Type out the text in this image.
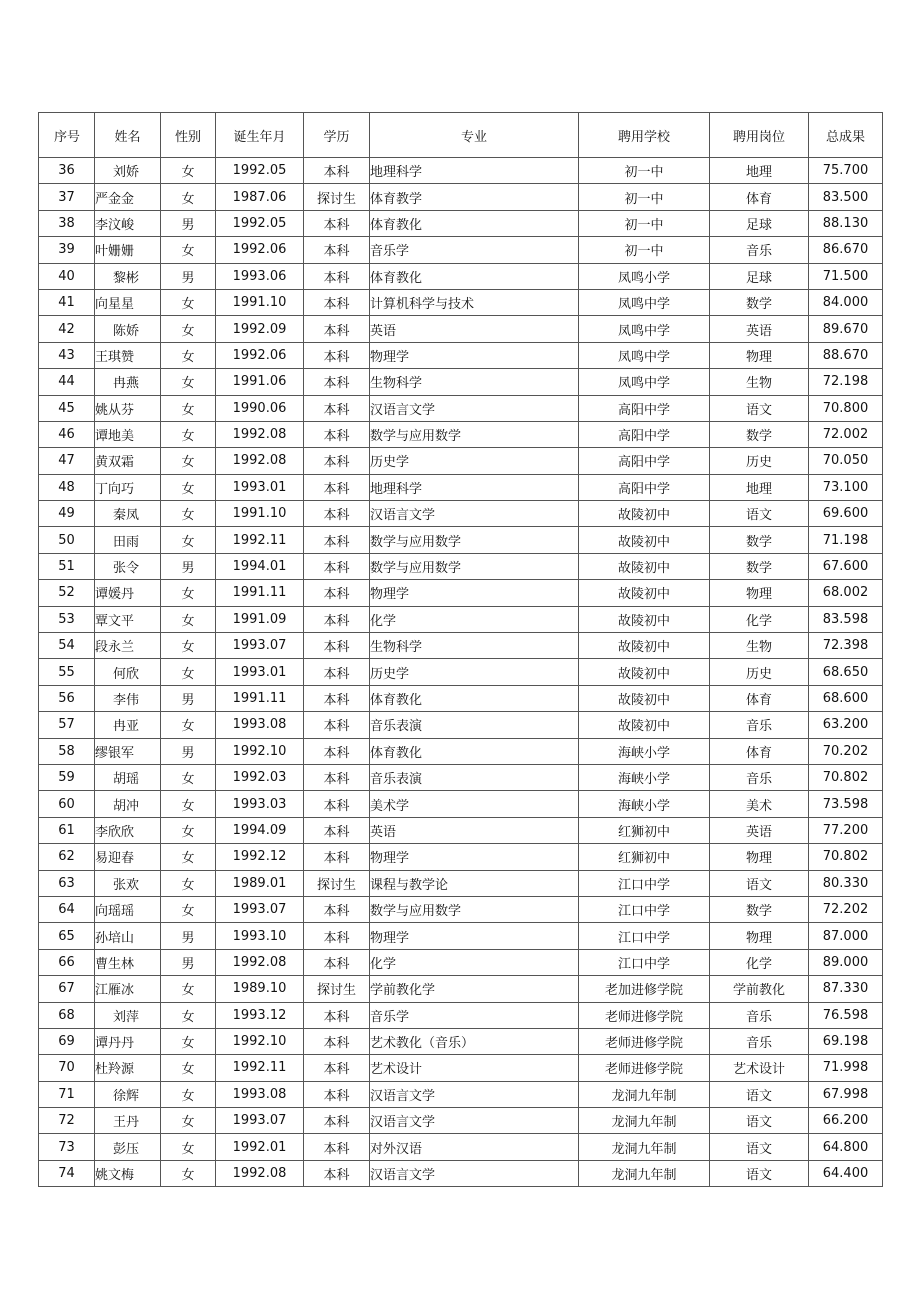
序号	姓名	性别	诞生年月	学历	专业	聘用学校	聘用岗位	总成果
36	刘娇	女	1992.05	本科	地理科学	初一中	地理	75.700
37	严金金	女	1987.06	探讨生	体育教学	初一中	体育	83.500
38	李汶峻	男	1992.05	本科	体育教化	初一中	足球	88.130
39	叶姗姗	女	1992.06	本科	音乐学	初一中	音乐	86.670
40	黎彬	男	1993.06	本科	体育教化	凤鸣小学	足球	71.500
41	向星星	女	1991.10	本科	计算机科学与技术	凤鸣中学	数学	84.000
42	陈娇	女	1992.09	本科	英语	凤鸣中学	英语	89.670
43	王琪赞	女	1992.06	本科	物理学	凤鸣中学	物理	88.670
44	冉燕	女	1991.06	本科	生物科学	凤鸣中学	生物	72.198
45	姚从芬	女	1990.06	本科	汉语言文学	高阳中学	语文	70.800
46	谭地美	女	1992.08	本科	数学与应用数学	高阳中学	数学	72.002
47	黄双霜	女	1992.08	本科	历史学	高阳中学	历史	70.050
48	丁向巧	女	1993.01	本科	地理科学	高阳中学	地理	73.100
49	秦凤	女	1991.10	本科	汉语言文学	故陵初中	语文	69.600
50	田雨	女	1992.11	本科	数学与应用数学	故陵初中	数学	71.198
51	张令	男	1994.01	本科	数学与应用数学	故陵初中	数学	67.600
52	谭媛丹	女	1991.11	本科	物理学	故陵初中	物理	68.002
53	覃文平	女	1991.09	本科	化学	故陵初中	化学	83.598
54	段永兰	女	1993.07	本科	生物科学	故陵初中	生物	72.398
55	何欣	女	1993.01	本科	历史学	故陵初中	历史	68.650
56	李伟	男	1991.11	本科	体育教化	故陵初中	体育	68.600
57	冉亚	女	1993.08	本科	音乐表演	故陵初中	音乐	63.200
58	缪银军	男	1992.10	本科	体育教化	海峡小学	体育	70.202
59	胡瑶	女	1992.03	本科	音乐表演	海峡小学	音乐	70.802
60	胡冲	女	1993.03	本科	美术学	海峡小学	美术	73.598
61	李欣欣	女	1994.09	本科	英语	红狮初中	英语	77.200
62	易迎春	女	1992.12	本科	物理学	红狮初中	物理	70.802
63	张欢	女	1989.01	探讨生	课程与教学论	江口中学	语文	80.330
64	向瑶瑶	女	1993.07	本科	数学与应用数学	江口中学	数学	72.202
65	孙培山	男	1993.10	本科	物理学	江口中学	物理	87.000
66	曹生林	男	1992.08	本科	化学	江口中学	化学	89.000
67	江雁冰	女	1989.10	探讨生	学前教化学	老加进修学院	学前教化	87.330
68	刘萍	女	1993.12	本科	音乐学	老师进修学院	音乐	76.598
69	谭丹丹	女	1992.10	本科	艺术教化（音乐）	老师进修学院	音乐	69.198
70	杜羚源	女	1992.11	本科	艺术设计	老师进修学院	艺术设计	71.998
71	徐辉	女	1993.08	本科	汉语言文学	龙洞九年制	语文	67.998
72	王丹	女	1993.07	本科	汉语言文学	龙洞九年制	语文	66.200
73	彭压	女	1992.01	本科	对外汉语	龙洞九年制	语文	64.800
74	姚文梅	女	1992.08	本科	汉语言文学	龙洞九年制	语文	64.400
